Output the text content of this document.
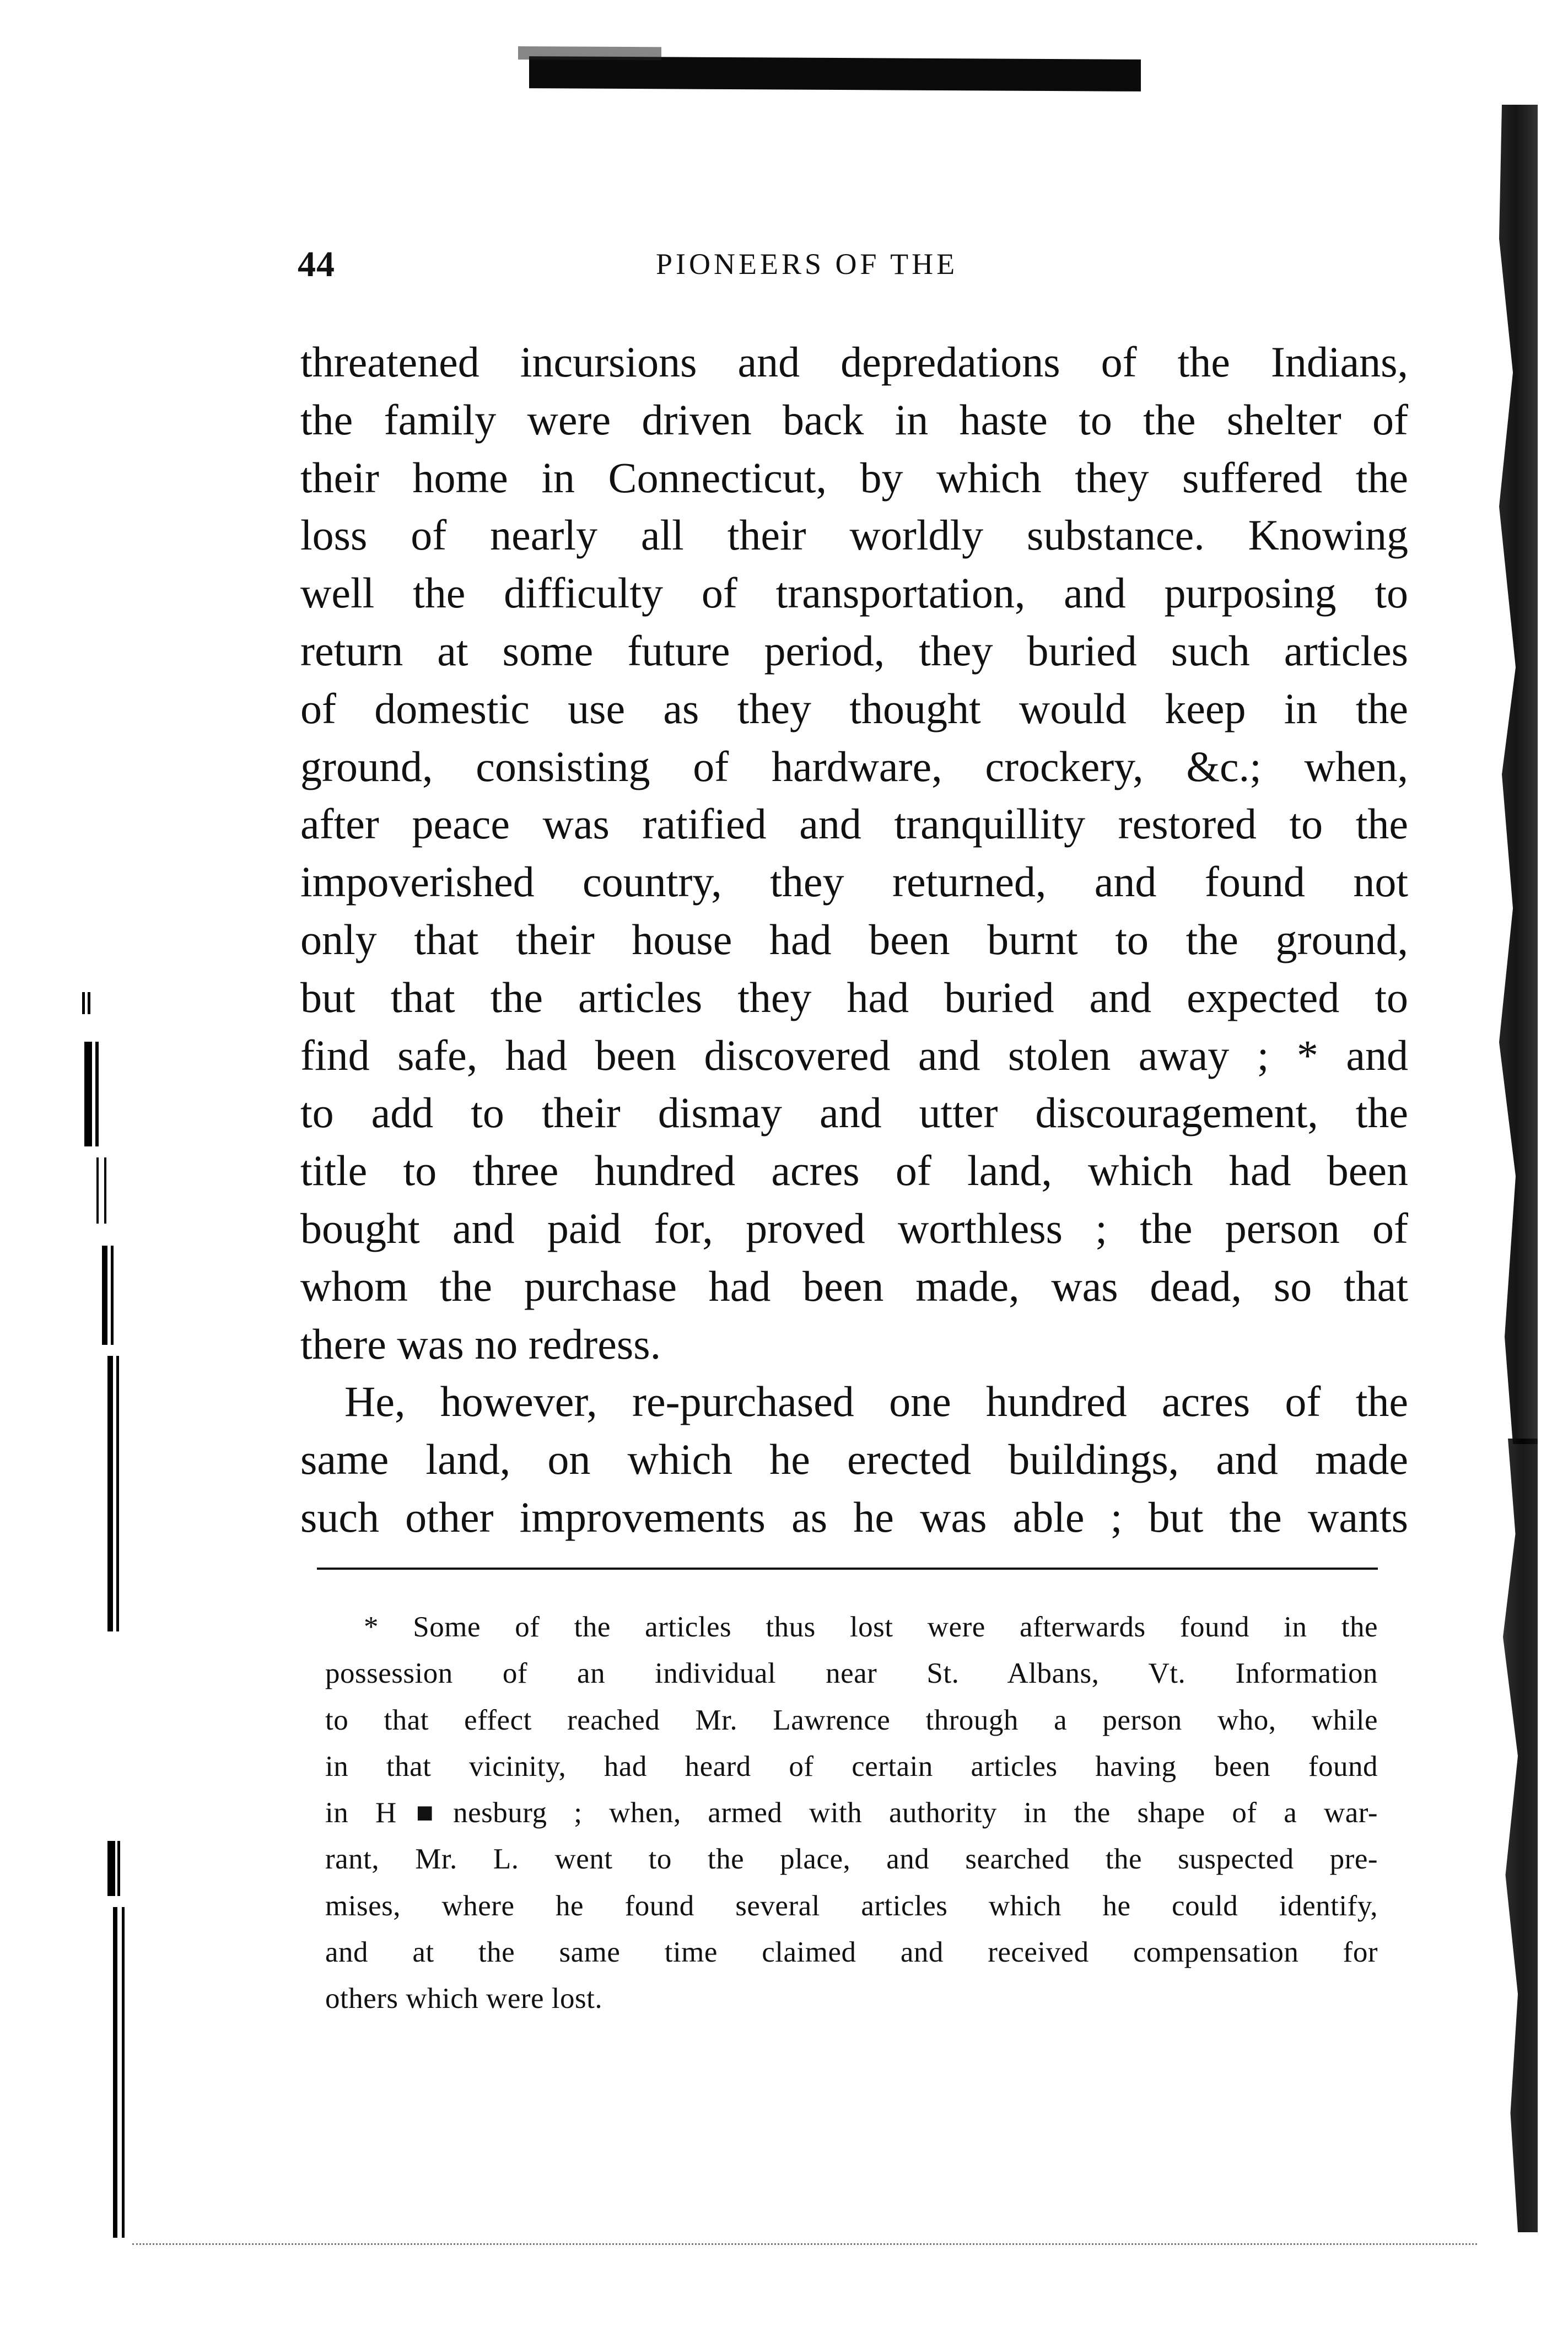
44	PIONEERS OF THE
threatened incursions and depredations of the Indians,
the family were driven back in haste to the shelter of
their home in Connecticut, by which they suffered the
loss of nearly all their worldly substance. Knowing
well the difficulty of transportation, and purposing to
return at some future period, they buried such articles
of domestic use as they thought would keep in the
ground, consisting of hardware, crockery, &c.; when,
after peace was ratified and tranquillity restored to the
impoverished country, they returned, and found not
only that their house had been burnt to the ground,
but that the articles they had buried and expected to
find safe, had been discovered and stolen away ; * and
to add to their dismay and utter discouragement, the
title to three hundred acres of land, which had been
bought and paid for, proved worthless ; the person of
whom the purchase had been made, was dead, so that
there was no redress.
He, however, re-purchased one hundred acres of the
same land, on which he erected buildings, and made
such other improvements as he was able ; but the wants
* Some of the articles thus lost were afterwards found in the
possession of an individual near St. Albans, Vt. Information
to that effect reached Mr. Lawrence through a person who, while
in that vicinity, had heard of certain articles having been found
in H■nesburg ; when, armed with authority in the shape of a war-
rant, Mr. L. went to the place, and searched the suspected pre-
mises, where he found several articles which he could identify,
and at the same time claimed and received compensation for
others which were lost.
